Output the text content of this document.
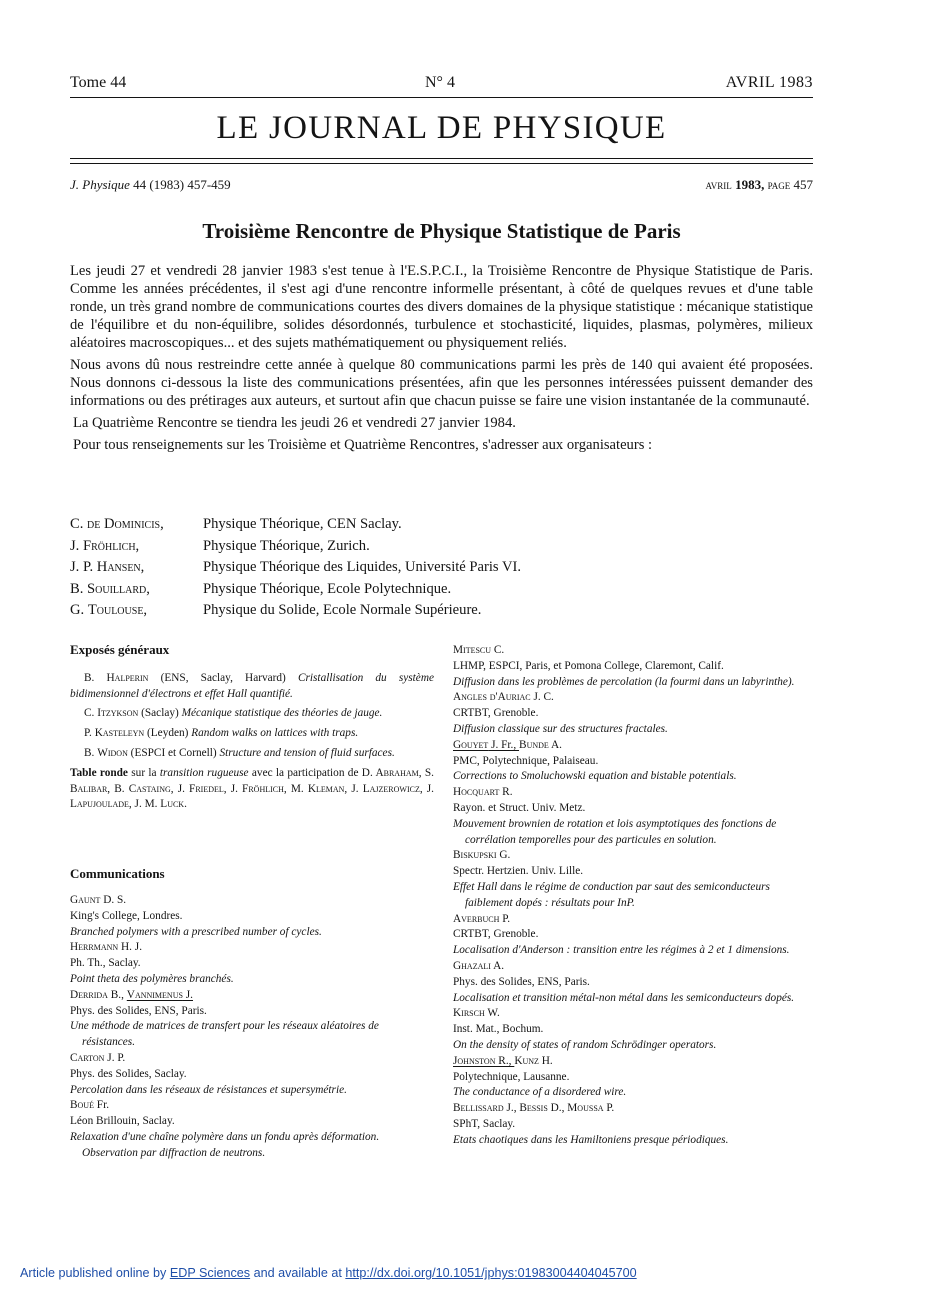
Tome 44	N° 4	AVRIL 1983
LE JOURNAL DE PHYSIQUE
J. Physique 44 (1983) 457-459	avril 1983, page 457
Troisième Rencontre de Physique Statistique de Paris

Les jeudi 27 et vendredi 28 janvier 1983 s'est tenue à l'E.S.P.C.I., la Troisième Rencontre de Physique Statistique de Paris. Comme les années précédentes, il s'est agi d'une rencontre informelle présentant, à côté de quelques revues et d'une table ronde, un très grand nombre de communications courtes des divers domaines de la physique statistique : mécanique statistique de l'équilibre et du non-équilibre, solides désordonnés, turbulence et stochasticité, liquides, plasmas, polymères, milieux aléatoires macroscopiques... et des sujets mathématiquement ou physiquement reliés.

Nous avons dû nous restreindre cette année à quelque 80 communications parmi les près de 140 qui avaient été proposées. Nous donnons ci-dessous la liste des communications présentées, afin que les personnes intéressées puissent demander des informations ou des prétirages aux auteurs, et surtout afin que chacun puisse se faire une vision instantanée de la communauté.

La Quatrième Rencontre se tiendra les jeudi 26 et vendredi 27 janvier 1984.

Pour tous renseignements sur les Troisième et Quatrième Rencontres, s'adresser aux organisateurs :

C. de Dominicis,	Physique Théorique, CEN Saclay.
J. Fröhlich,	Physique Théorique, Zurich.
J. P. Hansen,	Physique Théorique des Liquides, Université Paris VI.
B. Souillard,	Physique Théorique, Ecole Polytechnique.
G. Toulouse,	Physique du Solide, Ecole Normale Supérieure.
Exposés généraux

B. Halperin (ENS, Saclay, Harvard) Cristallisation du système bidimensionnel d'électrons et effet Hall quantifié.

C. Itzykson (Saclay) Mécanique statistique des théories de jauge.

P. Kasteleyn (Leyden) Random walks on lattices with traps.

B. Widon (ESPCI et Cornell) Structure and tension of fluid surfaces.

Table ronde sur la transition rugueuse avec la participation de D. Abraham, S. Balibar, B. Castaing, J. Friedel, J. Fröhlich, M. Kleman, J. Lajzerowicz, J. Lapujoulade, J. M. Luck.
Communications
Gaunt D. S.
King's College, Londres.
Branched polymers with a prescribed number of cycles.
Herrmann H. J.
Ph. Th., Saclay.
Point theta des polymères branchés.
Derrida B., Vannimenus J.
Phys. des Solides, ENS, Paris.
Une méthode de matrices de transfert pour les réseaux aléatoires de résistances.
Carton J. P.
Phys. des Solides, Saclay.
Percolation dans les réseaux de résistances et supersymétrie.
Boué Fr.
Léon Brillouin, Saclay.
Relaxation d'une chaîne polymère dans un fondu après déformation. Observation par diffraction de neutrons.
Mitescu C.
LHMP, ESPCI, Paris, et Pomona College, Claremont, Calif.
Diffusion dans les problèmes de percolation (la fourmi dans un labyrinthe).
Angles d'Auriac J. C.
CRTBT, Grenoble.
Diffusion classique sur des structures fractales.
Gouyet J. Fr., Bunde A.
PMC, Polytechnique, Palaiseau.
Corrections to Smoluchowski equation and bistable potentials.
Hocquart R.
Rayon. et Struct. Univ. Metz.
Mouvement brownien de rotation et lois asymptotiques des fonctions de corrélation temporelles pour des particules en solution.
Biskupski G.
Spectr. Hertzien. Univ. Lille.
Effet Hall dans le régime de conduction par saut des semiconducteurs faiblement dopés : résultats pour InP.
Averbuch P.
CRTBT, Grenoble.
Localisation d'Anderson : transition entre les régimes à 2 et 1 dimensions.
Ghazali A.
Phys. des Solides, ENS, Paris.
Localisation et transition métal-non métal dans les semiconducteurs dopés.
Kirsch W.
Inst. Mat., Bochum.
On the density of states of random Schrödinger operators.
Johnston R., Kunz H.
Polytechnique, Lausanne.
The conductance of a disordered wire.
Bellissard J., Bessis D., Moussa P.
SPhT, Saclay.
Etats chaotiques dans les Hamiltoniens presque périodiques.
Article published online by EDP Sciences and available at http://dx.doi.org/10.1051/jphys:01983004404045700
